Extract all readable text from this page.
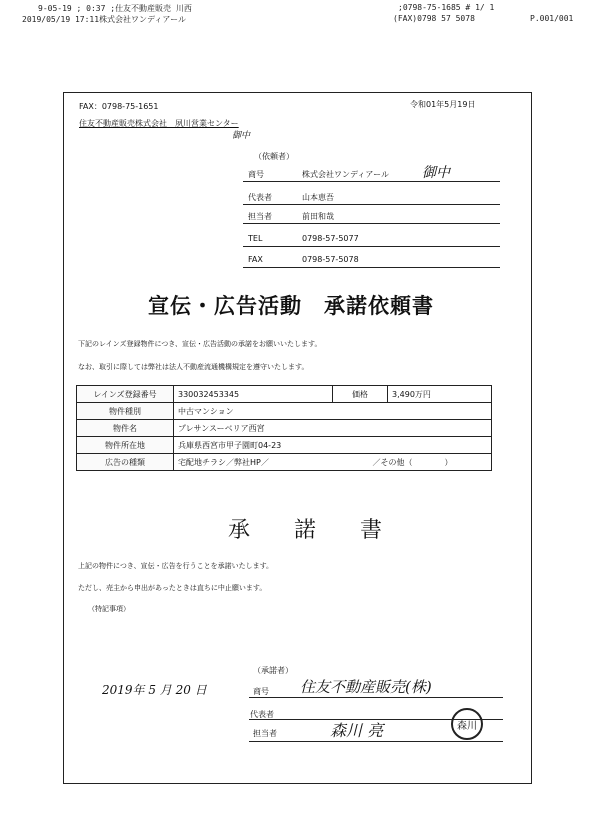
9-05-19 ; 0:37 ;仕友不動産販売 川西	;0798-75-1685 # 1/ 1
2019/05/19 17:11株式会社ワンディアール	(FAX)0798 57 5078	P.001/001
FAX：0798-75-1651	令和01年5月19日
住友不動産販売株式会社　夙川営業センター
御中
（依頼者）
商号	株式会社ワンディアール 御中
代表者	山本恵吾
担当者	前田和哉
TEL	0798-57-5077
FAX	0798-57-5078
宣伝・広告活動　承諾依頼書
下記のレインズ登録物件につき、宣伝・広告活動の承諾をお願いいたします。
なお、取引に際しては弊社は法人不動産流通機構規定を遵守いたします。
レインズ登録番号	330032453345	価格	3,490万円
物件種別	中古マンション		
物件名	プレサンスーベリア西宮		
物件所在地	兵庫県西宮市甲子園町04-23		
広告の種類	宅配地チラシ／弊社HP／	／その他（　　　　）	
承　　諾　　書
上記の物件につき、宣伝・広告を行うことを承諾いたします。
ただし、売主から申出があったときは直ちに中止願います。
（特記事項）
（承諾者）
2019年 5 月 20 日	商号 住友不動産販売(株)
代表者
担当者	森川 亮	森川
